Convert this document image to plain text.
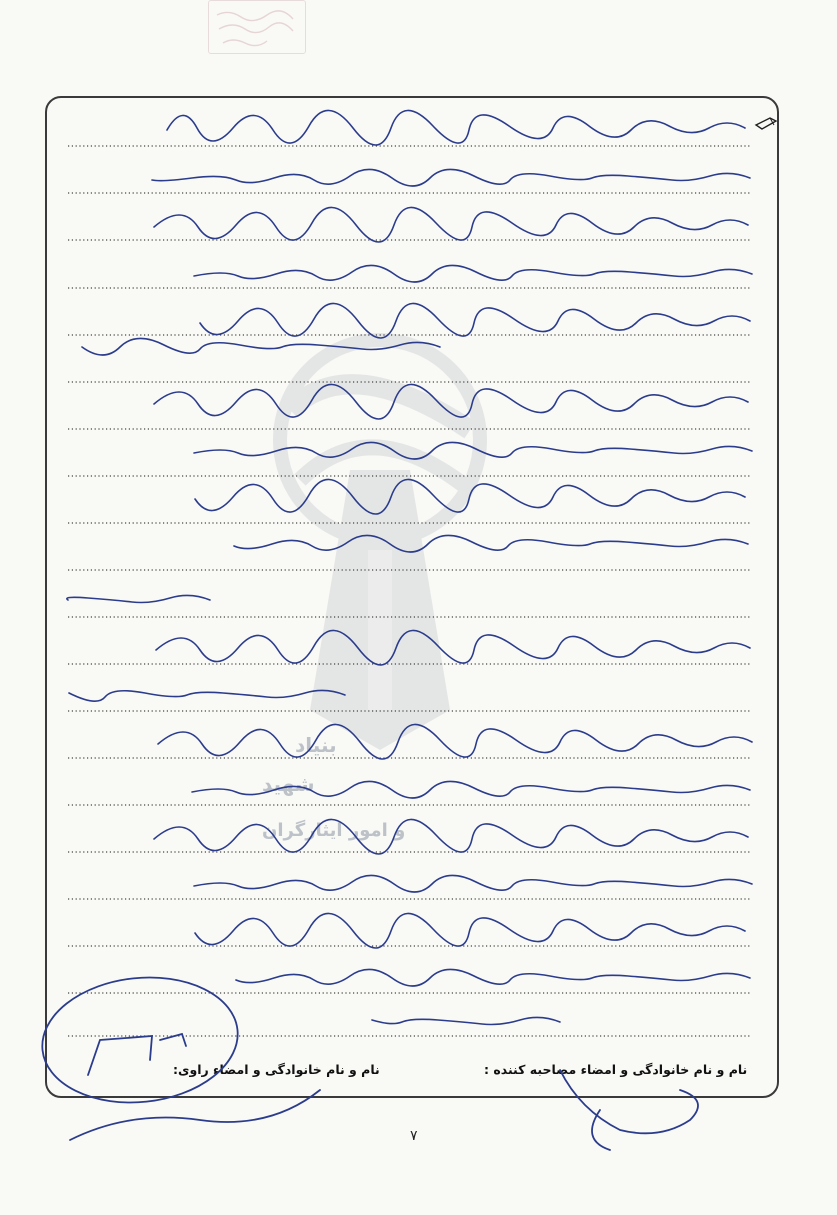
بنیاد
شهید
و امور ایثارگران
نام و نام خانوادگی و امضاء مصاحبه کننده :
نام و نام خانوادگی و امضاء راوی:
۷
